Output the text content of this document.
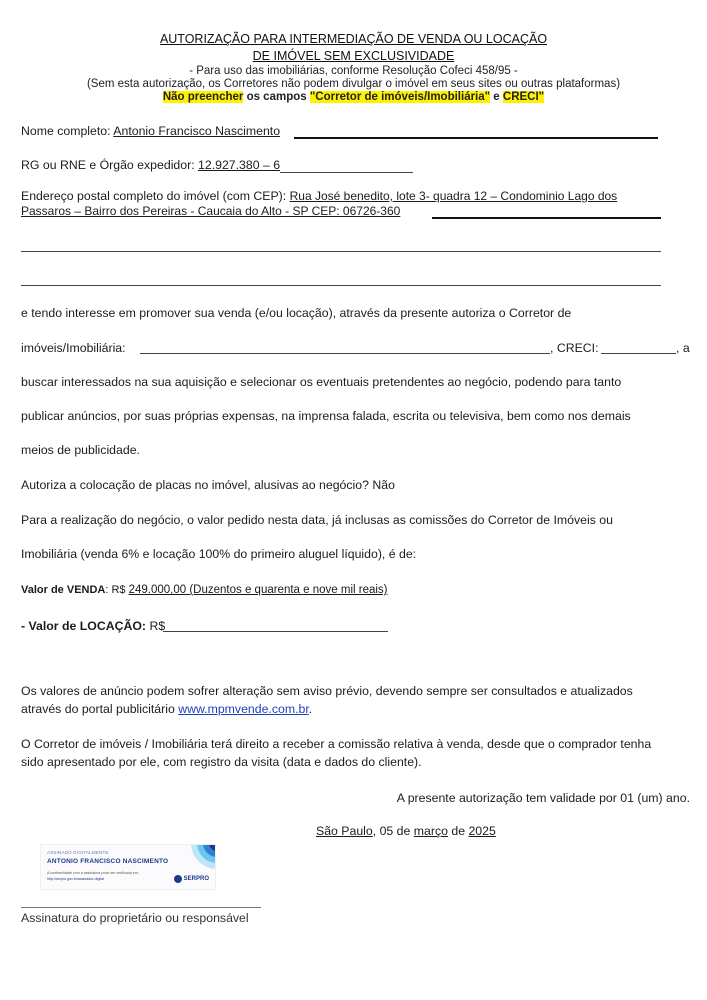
AUTORIZAÇÃO PARA INTERMEDIAÇÃO DE VENDA OU LOCAÇÃO
DE IMÓVEL SEM EXCLUSIVIDADE
- Para uso das imobiliárias, conforme Resolução Cofeci 458/95 -
(Sem esta autorização, os Corretores não podem divulgar o imóvel em seus sites ou outras plataformas)
Não preencher os campos "Corretor de imóveis/Imobiliária" e CRECI"
Nome completo: Antonio Francisco Nascimento
RG ou RNE e Órgão expedidor: 12.927.380 – 6
Endereço postal completo do imóvel (com CEP): Rua José benedito, lote 3- quadra 12 – Condominio Lago dos
Passaros – Bairro dos Pereiras - Caucaia do Alto - SP CEP: 06726-360
e tendo interesse em promover sua venda (e/ou locação), através da presente autoriza o Corretor de
imóveis/Imobiliária:	, CRECI:	, a
buscar interessados na sua aquisição e selecionar os eventuais pretendentes ao negócio, podendo para tanto
publicar anúncios, por suas próprias expensas, na imprensa falada, escrita ou televisiva, bem como nos demais
meios de publicidade.
Autoriza a colocação de placas no imóvel, alusivas ao negócio? Não
Para a realização do negócio, o valor pedido nesta data, já inclusas as comissões do Corretor de Imóveis ou
Imobiliária (venda 6% e locação 100% do primeiro aluguel líquido), é de:
Valor de VENDA: R$ 249.000,00 (Duzentos e quarenta e nove mil reais)
- Valor de LOCAÇÃO: R$
Os valores de anúncio podem sofrer alteração sem aviso prévio, devendo sempre ser consultados e atualizados
através do portal publicitário www.mpmvende.com.br.
O Corretor de imóveis / Imobiliária terá direito a receber a comissão relativa à venda, desde que o comprador tenha
sido apresentado por ele, com registro da visita (data e dados do cliente).
A presente autorização tem validade por 01 (um) ano.
São Paulo, 05 de março de 2025
ASSINADO DIGITALMENTE
ANTONIO FRANCISCO NASCIMENTO
A conformidade com a assinatura pode ser verificada em:
http://serpro.gov.br/assinador-digital	SERPRO
Assinatura do proprietário ou responsável
